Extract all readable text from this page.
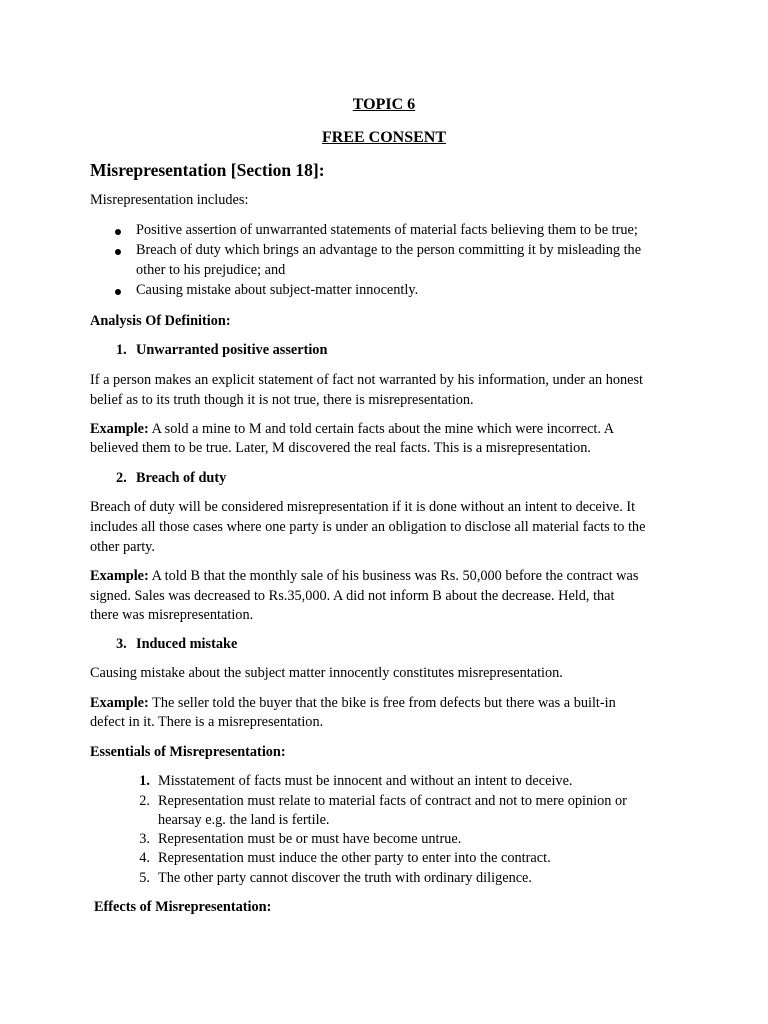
TOPIC 6
FREE CONSENT
Misrepresentation [Section 18]:
Misrepresentation includes:
Positive assertion of unwarranted statements of material facts believing them to be true;
Breach of duty which brings an advantage to the person committing it by misleading the
other to his prejudice; and
Causing mistake about subject-matter innocently.
Analysis Of Definition:
1. Unwarranted positive assertion
If a person makes an explicit statement of fact not warranted by his information, under an honest
belief as to its truth though it is not true, there is misrepresentation.
Example: A sold a mine to M and told certain facts about the mine which were incorrect. A
believed them to be true. Later, M discovered the real facts. This is a misrepresentation.
2. Breach of duty
Breach of duty will be considered misrepresentation if it is done without an intent to deceive. It
includes all those cases where one party is under an obligation to disclose all material facts to the
other party.
Example: A told B that the monthly sale of his business was Rs. 50,000 before the contract was
signed. Sales was decreased to Rs.35,000. A did not inform B about the decrease. Held, that
there was misrepresentation.
3. Induced mistake
Causing mistake about the subject matter innocently constitutes misrepresentation.
Example: The seller told the buyer that the bike is free from defects but there was a built-in
defect in it. There is a misrepresentation.
Essentials of Misrepresentation:
1. Misstatement of facts must be innocent and without an intent to deceive.
2. Representation must relate to material facts of contract and not to mere opinion or
hearsay e.g. the land is fertile.
3. Representation must be or must have become untrue.
4. Representation must induce the other party to enter into the contract.
5. The other party cannot discover the truth with ordinary diligence.
Effects of Misrepresentation:
